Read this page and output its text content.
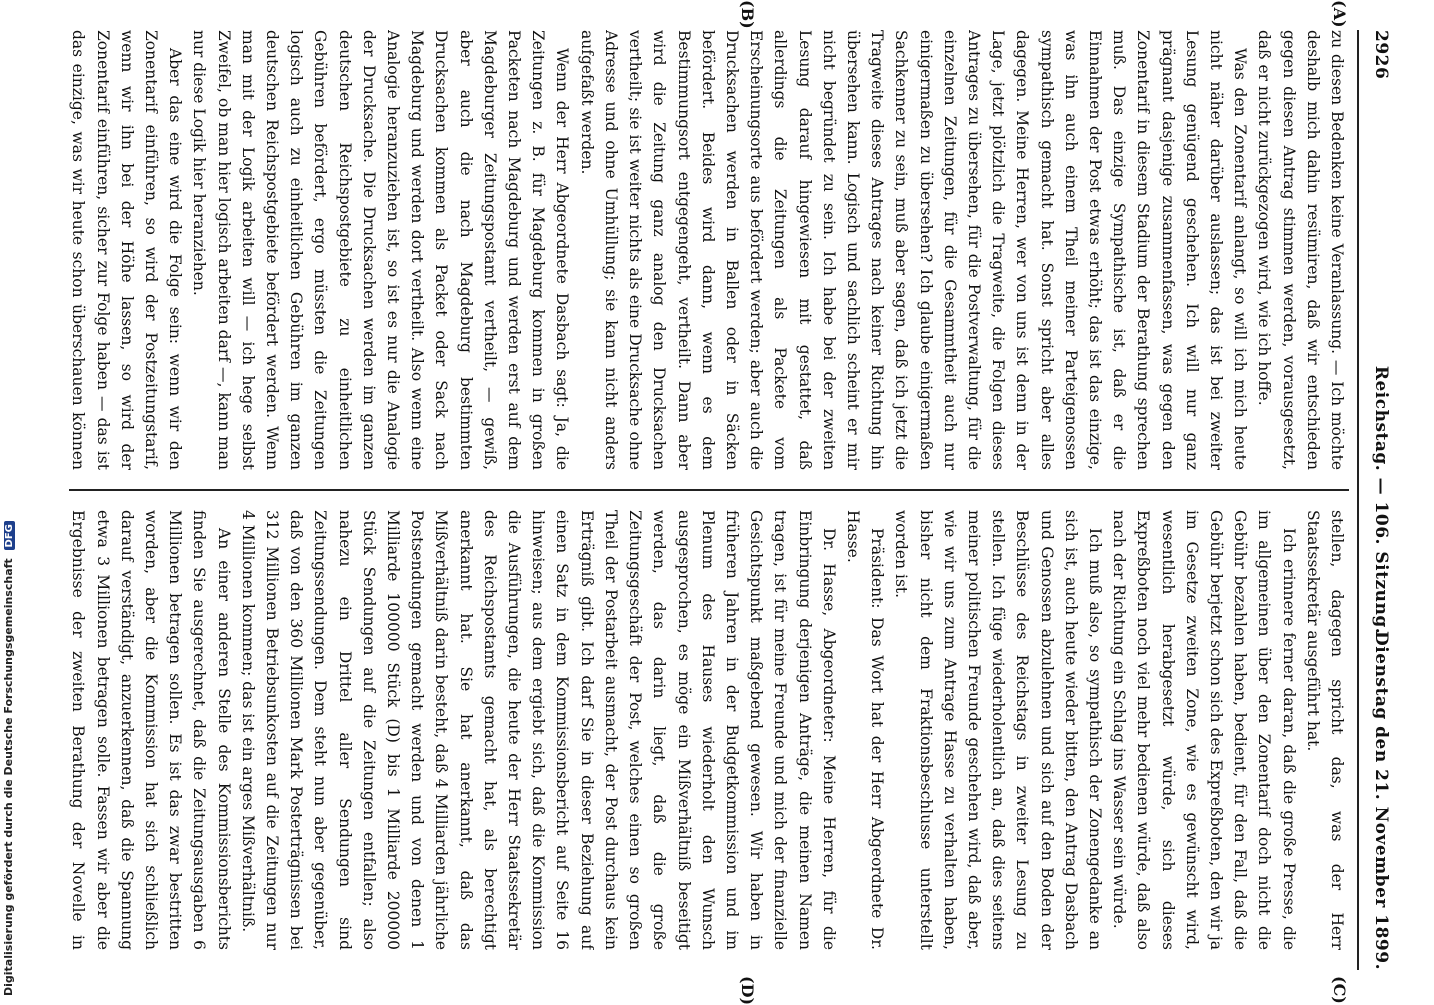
2926
Reichstag. — 106. Sitzung.
Dienstag den 21. November 1899.
(A)
(B)
(C)
(D)

zu diesen Bedenken keine Veranlassung. — Ich möchte deshalb mich dahin resümiren, daß wir entschieden gegen diesen Antrag stimmen werden, vorausgesetzt, daß er nicht zurückgezogen wird, wie ich hoffe.

Was den Zonentarif anlangt, so will ich mich heute nicht näher darüber auslassen; das ist bei zweiter Lesung genügend geschehen. Ich will nur ganz prägnant dasjenige zusammenfassen, was gegen den Zonentarif in diesem Stadium der Berathung sprechen muß. Das einzige Sympathische ist, daß er die Einnahmen der Post etwas erhöht; das ist das einzige, was ihn auch einem Theil meiner Parteigenossen sympathisch gemacht hat. Sonst spricht aber alles dagegen. Meine Herren, wer von uns ist denn in der Lage, jetzt plötzlich die Tragweite, die Folgen dieses Antrages zu übersehen, für die Postverwaltung, für die einzelnen Zeitungen, für die Gesammtheit auch nur einigermaßen zu übersehen? Ich glaube einigermaßen Sachkenner zu sein, muß aber sagen, daß ich jetzt die Tragweite dieses Antrages nach keiner Richtung hin übersehen kann. Logisch und sachlich scheint er mir nicht begründet zu sein. Ich habe bei der zweiten Lesung darauf hingewiesen mit gestattet, daß allerdings die Zeitungen als Packete vom Erscheinungsorte aus befördert werden; aber auch die Drucksachen werden in Ballen oder in Säcken befördert. Beides wird dann, wenn es dem Bestimmungsort entgegengeht, vertheilt. Dann aber wird die Zeitung ganz analog den Drucksachen vertheilt; sie ist weiter nichts als eine Drucksache ohne Adresse und ohne Umhüllung; sie kann nicht anders aufgefaßt werden.

Wenn der Herr Abgeordnete Dasbach sagt: Ja, die Zeitungen z. B. für Magdeburg kommen in großen Packeten nach Magdeburg und werden erst auf dem Magdeburger Zeitungspostamt vertheilt, — gewiß, aber auch die nach Magdeburg bestimmten Drucksachen kommen als Packet oder Sack nach Magdeburg und werden dort vertheilt. Also wenn eine Analogie heranzuziehen ist, so ist es nur die Analogie der Drucksache. Die Drucksachen werden im ganzen deutschen Reichspostgebiete zu einheitlichen Gebühren befördert, ergo müssten die Zeitungen logisch auch zu einheitlichen Gebühren im ganzen deutschen Reichspostgebiete befördert werden. Wenn man mit der Logik arbeiten will — ich hege selbst Zweifel, ob man hier logisch arbeiten darf —, kann man nur diese Logik hier heranziehen.

Aber das eine wird die Folge sein: wenn wir den Zonentarif einführen, so wird der Postzeitungstarif, wenn wir ihn bei der Höhe lassen, so wird der Zonentarif einführen, sicher zur Folge haben — das ist das einzige, was wir heute schon überschauen können

stellen, dagegen spricht das, was der Herr Staatssekretär ausgeführt hat.

Ich erinnere ferner daran, daß die große Presse, die im allgemeinen über den Zonentarif doch nicht die Gebühr bezahlen haben, bedient, für den Fall, daß die Gebühr berjetzt schon sich des Expreßboten, den wir ja im Gesetze zweiten Zone, wie es gewünscht wird, wesentlich herabgesetzt würde, sich dieses Expreßboten noch viel mehr bedienen würde, daß also nach der Richtung ein Schlag ins Wasser sein würde.

Ich muß also, so sympathisch der Zonengedanke an sich ist, auch heute wieder bitten, den Antrag Dasbach und Genossen abzulehnen und sich auf den Boden der Beschlüsse des Reichstags in zweiter Lesung zu stellen. Ich füge wiederholentlich an, daß dies seitens meiner politischen Freunde geschehen wird, daß aber, wie wir uns zum Antrage Hasse zu verhalten haben, bisher nicht dem Fraktionsbeschlusse unterstellt worden ist.

Präsident: Das Wort hat der Herr Abgeordnete Dr. Hasse.

Dr. Hasse, Abgeordneter: Meine Herren, für die Einbringung derjenigen Anträge, die meinen Namen tragen, ist für meine Freunde und mich der finanzielle Gesichtspunkt maßgebend gewesen. Wir haben in früheren Jahren in der Budgetkommission und im Plenum des Hauses wiederholt den Wunsch ausgesprochen, es möge ein Mißverhältniß beseitigt werden, das darin liegt, daß die große Zeitungsgeschäft der Post, welches einen so großen Theil der Postarbeit ausmacht, der Post durchaus kein Erträgniß gibt. Ich darf Sie in dieser Beziehung auf einen Satz in dem Kommissionsbericht auf Seite 16 hinweisen; aus dem ergiebt sich, daß die Kommission die Ausführungen, die heute der Herr Staatssekretär des Reichspostamts gemacht hat, als berechtigt anerkannt hat. Sie hat anerkannt, daß das Mißverhältniß darin besteht, daß 4 Milliarden jährliche Postsendungen gemacht werden und von denen 1 Milliarde 100000 Stück (D) bis 1 Milliarde 200000 Stück Sendungen auf die Zeitungen entfallen; also nahezu ein Drittel aller Sendungen sind Zeitungssendungen. Dem steht nun aber gegenüber, daß von den 360 Millionen Mark Posterträgnissen bei 312 Millionen Betriebsunkosten auf die Zeitungen nur 4 Millionen kommen; das ist ein arges Mißverhältniß.

An einer anderen Stelle des Kommissionsberichts finden Sie ausgerechnet, daß die Zeitungsausgaben 6 Millionen betragen sollen. Es ist das zwar bestritten worden, aber die Kommission hat sich schließlich darauf verständigt, anzuerkennen, daß die Spannung etwa 3 Millionen betragen solle. Fassen wir aber die Ergebnisse der zweiten Berathung der Novelle in

Digitalisierung gefördert durch die Deutsche Forschungsgemeinschaft DFG
